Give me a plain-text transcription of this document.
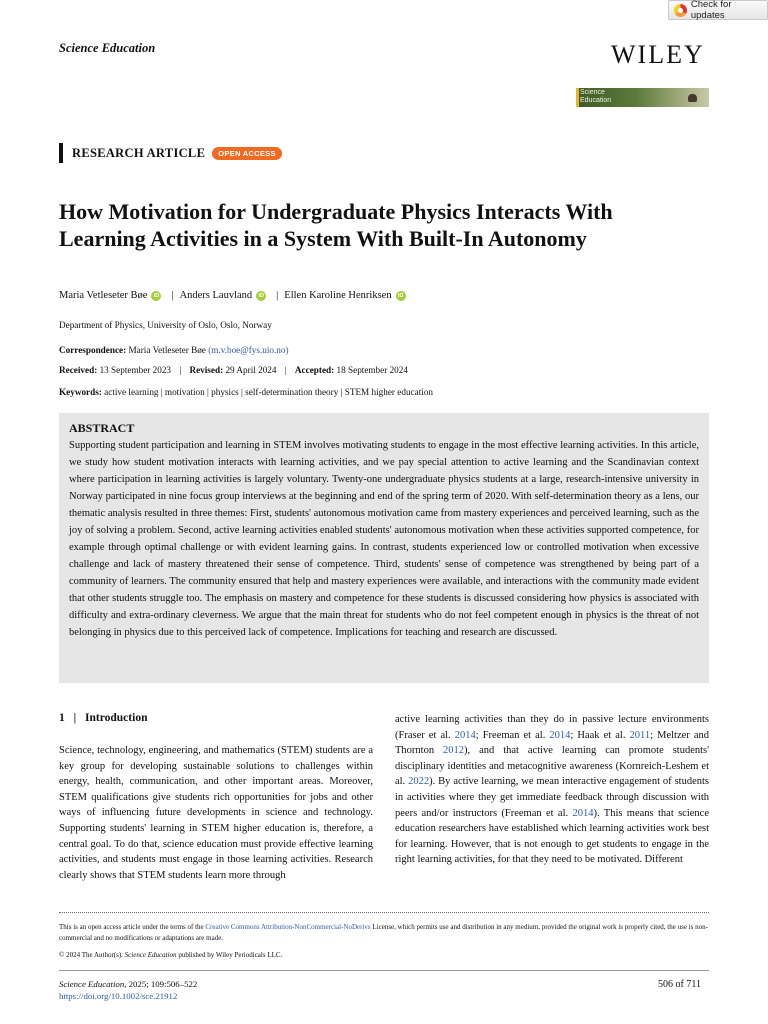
Check for updates
Science Education	WILEY
Science
Education
RESEARCH ARTICLE	OPEN ACCESS
How Motivation for Undergraduate Physics Interacts With Learning Activities in a System With Built-In Autonomy
Maria Vetleseter Bøe	iD | Anders Lauvland	iD | Ellen Karoline Henriksen	iD
Department of Physics, University of Oslo, Oslo, Norway
Correspondence: Maria Vetleseter Bøe (m.v.boe@fys.uio.no)
Received: 13 September 2023 | Revised: 29 April 2024 | Accepted: 18 September 2024
Keywords: active learning | motivation | physics | self-determination theory | STEM higher education
ABSTRACT

Supporting student participation and learning in STEM involves motivating students to engage in the most effective learning activities. In this article, we study how student motivation interacts with learning activities, and we pay special attention to active learning and the Scandinavian context where participation in learning activities is largely voluntary. Twenty-one undergraduate physics students at a large, research-intensive university in Norway participated in nine focus group interviews at the beginning and end of the spring term of 2020. With self-determination theory as a lens, our thematic analysis resulted in three themes: First, students' autonomous motivation came from mastery experiences and perceived learning, such as the joy of solving a problem. Second, active learning activities enabled students' autonomous motivation when these activities supported competence, for example through optimal challenge or with evident learning gains. In contrast, students experienced low or controlled motivation when excessive challenge and lack of mastery threatened their sense of competence. Third, students' sense of competence was strengthened by being part of a community of learners. The community ensured that help and mastery experiences were available, and interactions with the community made evident that other students struggle too. The emphasis on mastery and competence for these students is discussed considering how physics is associated with difficulty and extra-ordinary cleverness. We argue that the main threat for students who do not feel competent enough in physics is the threat of not belonging in physics due to this perceived lack of competence. Implications for teaching and research are discussed.

1 | Introduction

Science, technology, engineering, and mathematics (STEM) students are a key group for developing sustainable solutions to challenges within energy, health, communication, and other important areas. Moreover, STEM qualifications give students rich opportunities for jobs and other ways of influencing future developments in science and technology. Supporting students' learning in STEM higher education is, therefore, a central goal. To do that, science education must provide effective learning activities, and students must engage in those learning activities. Research clearly shows that STEM students learn more through

active learning activities than they do in passive lecture environments (Fraser et al. 2014; Freeman et al. 2014; Haak et al. 2011; Meltzer and Thornton 2012), and that active learning can promote students' disciplinary identities and metacognitive awareness (Kornreich-Leshem et al. 2022). By active learning, we mean interactive engagement of students in activities where they get immediate feedback through discussion with peers and/or instructors (Freeman et al. 2014). This means that science education researchers have established which learning activities work best for learning. However, that is not enough to get students to engage in the right learning activities, for that they need to be motivated. Different

This is an open access article under the terms of the Creative Commons Attribution-NonCommercial-NoDerivs License, which permits use and distribution in any medium, provided the original work is properly cited, the use is non-commercial and no modifications or adaptations are made.

© 2024 The Author(s). Science Education published by Wiley Periodicals LLC.
Science Education, 2025; 109:506–522
https://doi.org/10.1002/sce.21912
506 of 711
